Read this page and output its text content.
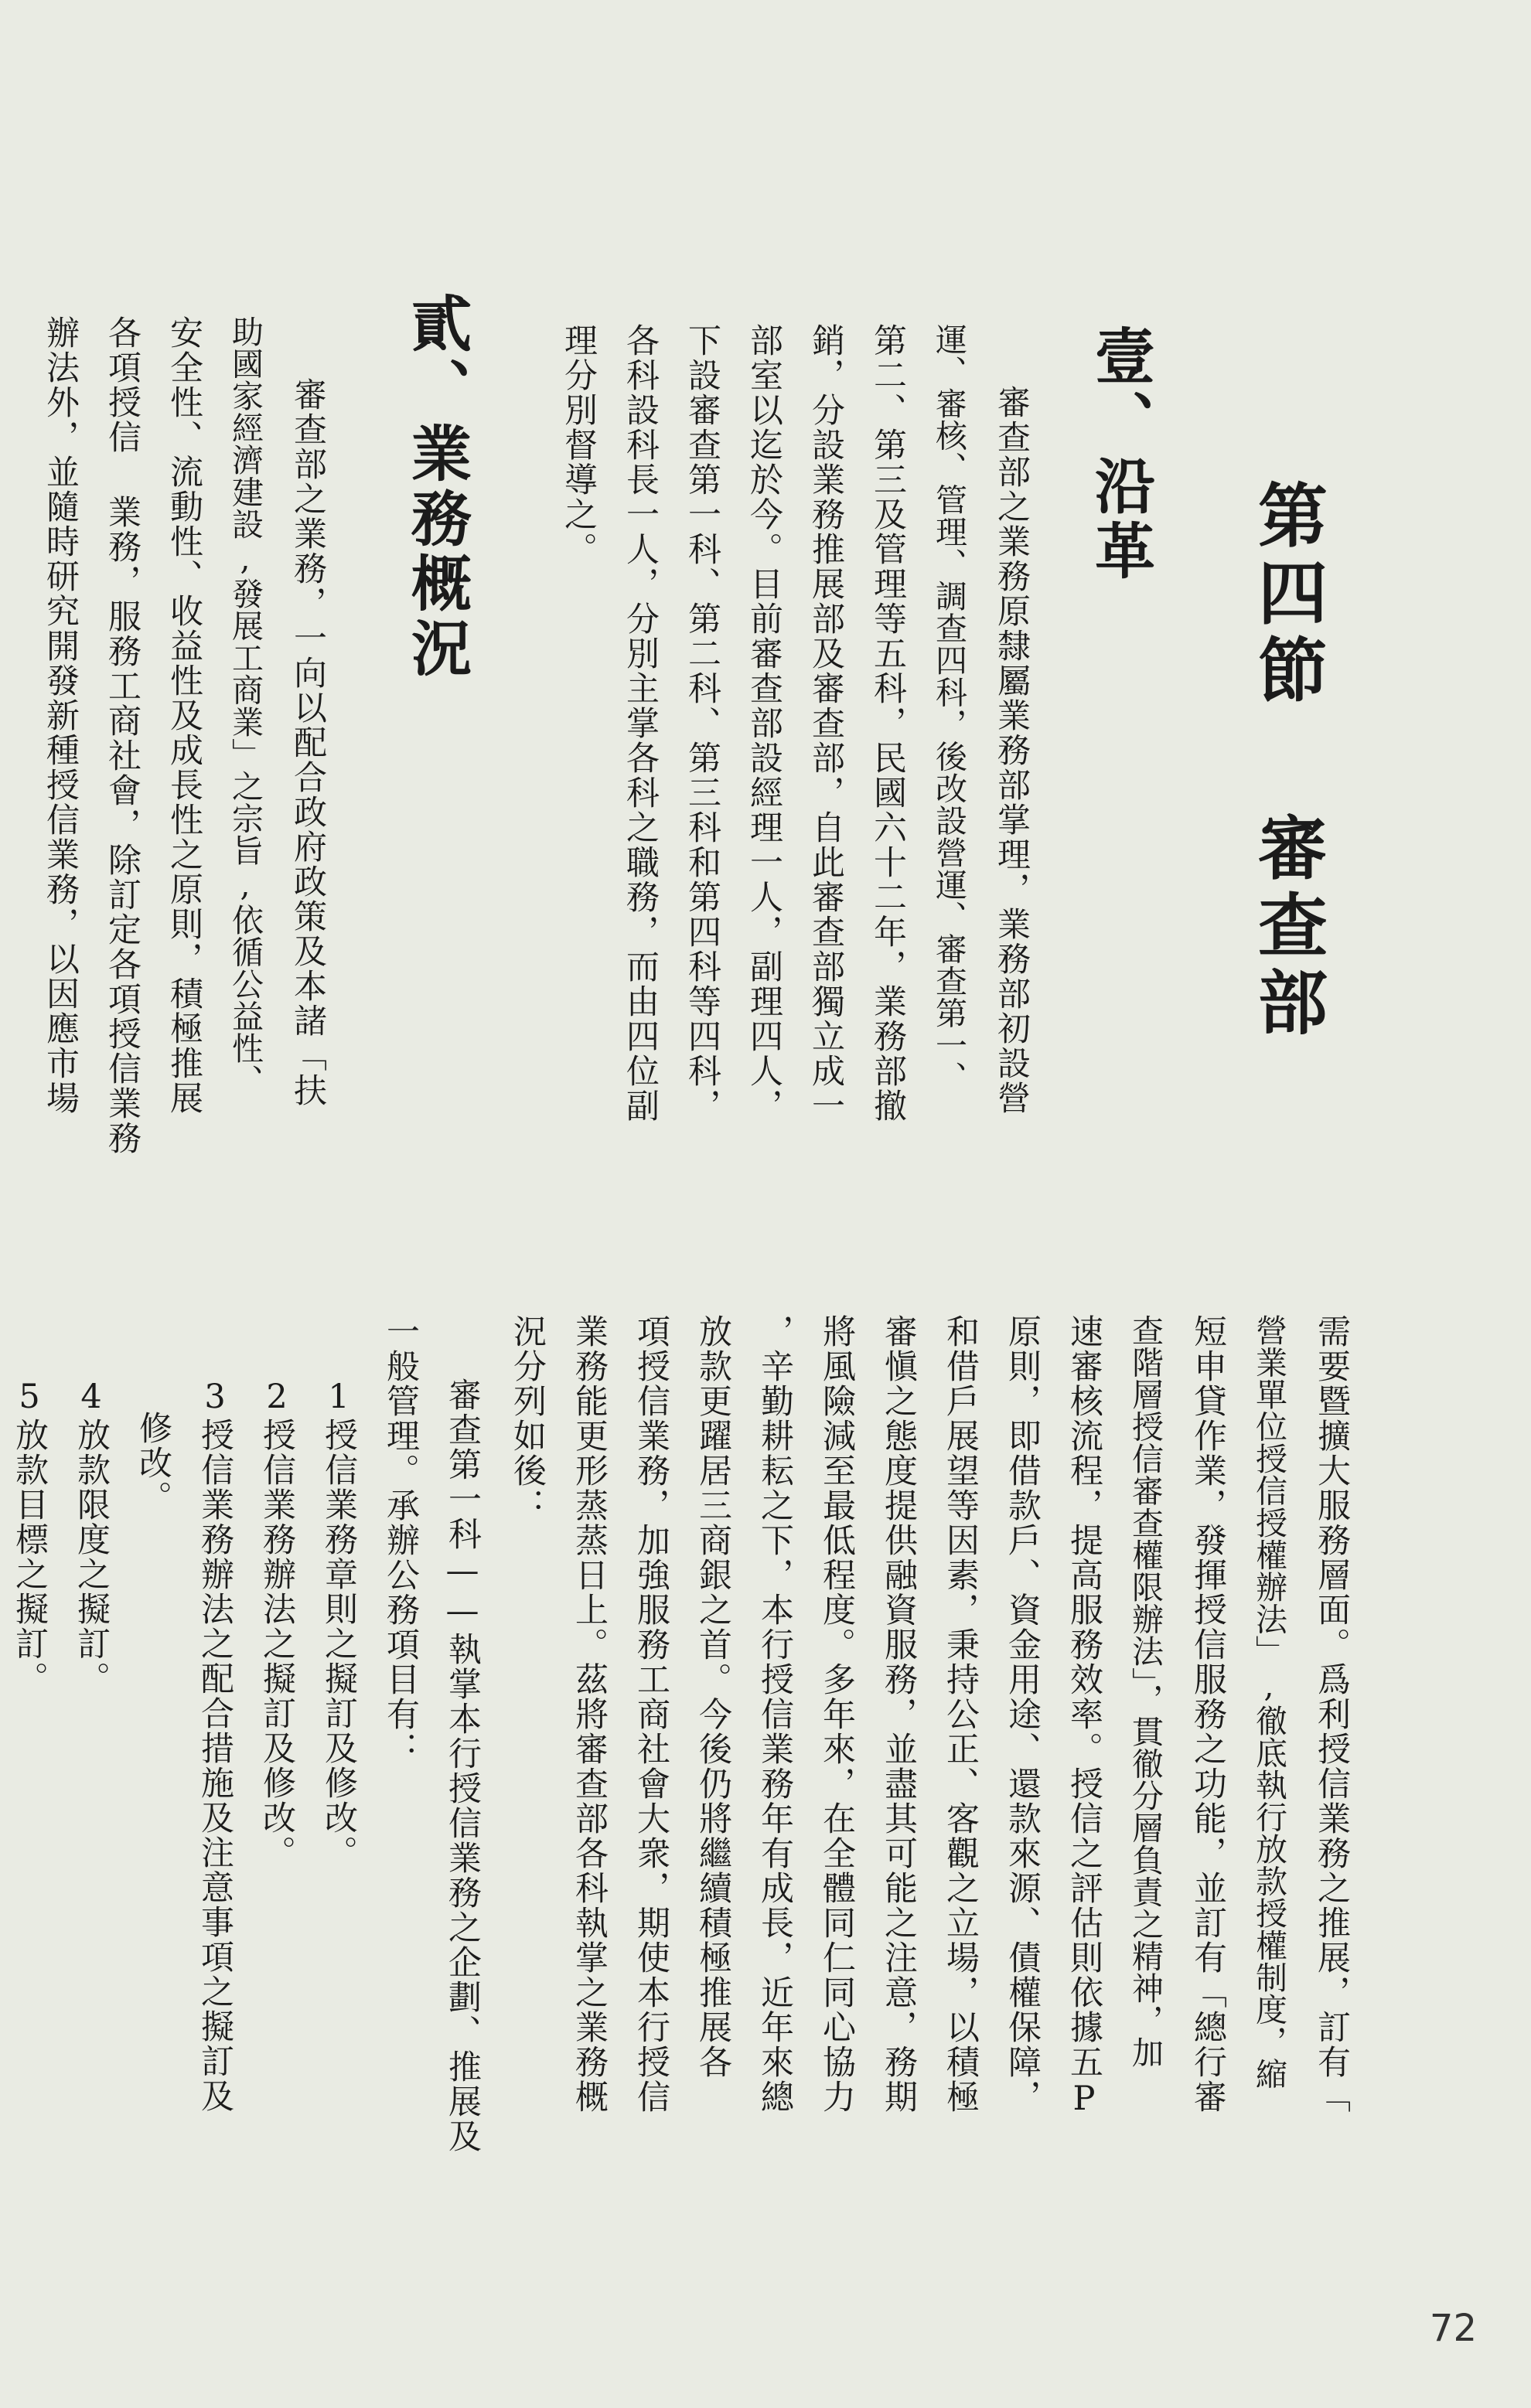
第四節審查部
壹、沿革
審查部之業務原隸屬業務部掌理，業務部初設營
運、審核、管理、調查四科，後改設營運、審查第一、
第二、第三及管理等五科，民國六十二年，業務部撤
銷，分設業務推展部及審查部，自此審查部獨立成一
部室以迄於今。目前審查部設經理一人，副理四人，
下設審查第一科、第二科、第三科和第四科等四科，
各科設科長一人，分別主掌各科之職務，而由四位副
理分別督導之。
貳、業務概況
審查部之業務，一向以配合政府政策及本諸「扶
助國家經濟建設,發展工商業」之宗旨,依循公益性、
安全性、流動性、收益性及成長性之原則，積極推展
各項授信 業務，服務工商社會，除訂定各項授信業務
辦法外，並隨時研究開發新種授信業務，以因應市場
需要暨擴大服務層面。爲利授信業務之推展，訂有「
營業單位授信授權辦法」,徹底執行放款授權制度，縮
短申貸作業，發揮授信服務之功能，並訂有「總行審
查階層授信審查權限辦法」，貫徹分層負責之精神，加
速審核流程，提高服務效率。授信之評估則依據五P
原則，即借款戶、資金用途、還款來源、債權保障，
和借戶展望等因素，秉持公正、客觀之立場，以積極
審愼之態度提供融資服務，並盡其可能之注意，務期
將風險減至最低程度。多年來，在全體同仁同心協力
，辛勤耕耘之下，本行授信業務年有成長，近年來總
放款更躍居三商銀之首。今後仍將繼續積極推展各
項授信業務，加強服務工商社會大衆，期使本行授信
業務能更形蒸蒸日上。茲將審查部各科執掌之業務概
況分列如後：
審查第一科——執掌本行授信業務之企劃、推展及
一般管理。承辦公務項目有：
1授信業務章則之擬訂及修改。
2授信業務辦法之擬訂及修改。
3授信業務辦法之配合措施及注意事項之擬訂及
修改。
4放款限度之擬訂。
5放款目標之擬訂。
72
